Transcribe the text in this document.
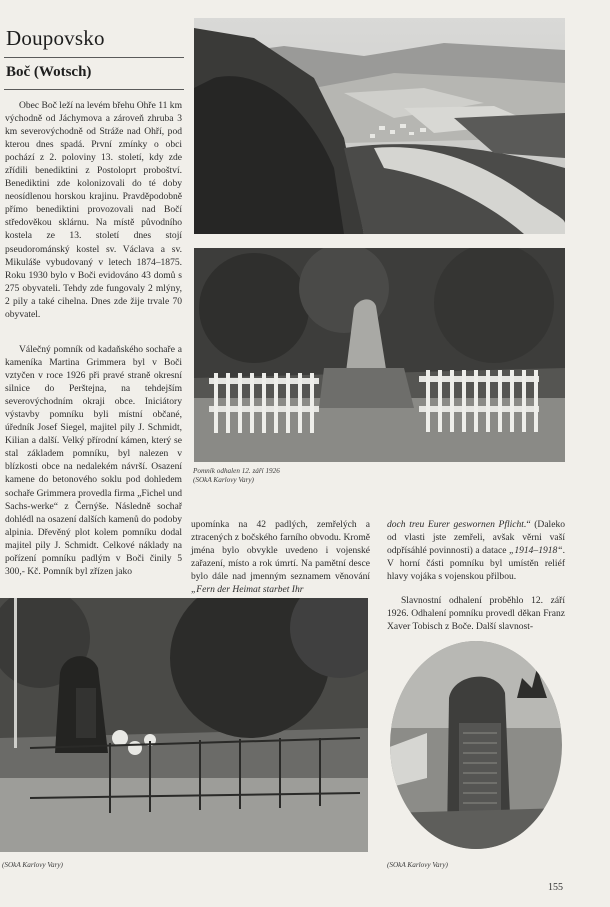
Doupovsko
Boč (Wotsch)

Obec Boč leží na levém břehu Ohře 11 km východně od Jáchymova a zároveň zhruba 3 km severovýchodně od Stráže nad Ohří, pod kterou dnes spadá. První zmínky o obci pochází z 2. poloviny 13. století, kdy zde zřídili benediktini z Postoloprt proboštví. Benediktini zde kolonizovali do té doby neosídlenou horskou krajinu. Pravděpodobně přímo benediktini provozovali nad Bočí středověkou sklárnu. Na místě původního kostela ze 13. století dnes stojí pseudorománský kostel sv. Václava a sv. Mikuláše vybudovaný v letech 1874–1875. Roku 1930 bylo v Boči evidováno 43 domů s 275 obyvateli. Tehdy zde fungovaly 2 mlýny, 2 pily a také cihelna. Dnes zde žije trvale 70 obyvatel.

Válečný pomník od kadaňského sochaře a kameníka Martina Grimmera byl v Boči vztyčen v roce 1926 při pravé straně okresní silnice do Perštejna, na tehdejším severovýchodním okraji obce. Iniciátory výstavby pomníku byli místní občané, úředník Josef Siegel, majitel pily J. Schmidt, Kilian a další. Velký přírodní kámen, který se stal základem pomníku, byl nalezen v blízkosti obce na nedalekém návrší. Osazení kamene do betonového soklu pod dohledem sochaře Grimmera provedla firma „Fichel und Sachs-werke“ z Černýše. Následně sochař dohlédl na osazení dalších kamenů do podoby alpinia. Dřevěný plot kolem pomníku dodal majitel pily J. Schmidt. Celkové náklady na pořízení pomníku padlým v Boči činily 5 300,- Kč. Pomník byl zřízen jako

upomínka na 42 padlých, zemřelých a ztracených z bočského farního obvodu. Kromě jména bylo obvykle uvedeno i vojenské zařazení, místo a rok úmrtí. Na pamětní desce bylo dále nad jmenným seznamem věnování „Fern der Heimat starbet Ihr

doch treu Eurer geswornen Pflicht.“ (Daleko od vlasti jste zemřeli, avšak věrni vaší odpřísáhlé povinnosti) a datace „1914–1918“. V horní části pomníku byl umístěn reliéf hlavy vojáka s vojenskou přilbou.

Slavnostní odhalení proběhlo 12. září 1926. Odhalení pomníku provedl děkan Franz Xaver Tobisch z Boče. Další slavnost-

Pomník odhalen 12. září 1926
(SOkA Karlovy Vary)
(SOkA Karlovy Vary)	(SOkA Karlovy Vary)
155
